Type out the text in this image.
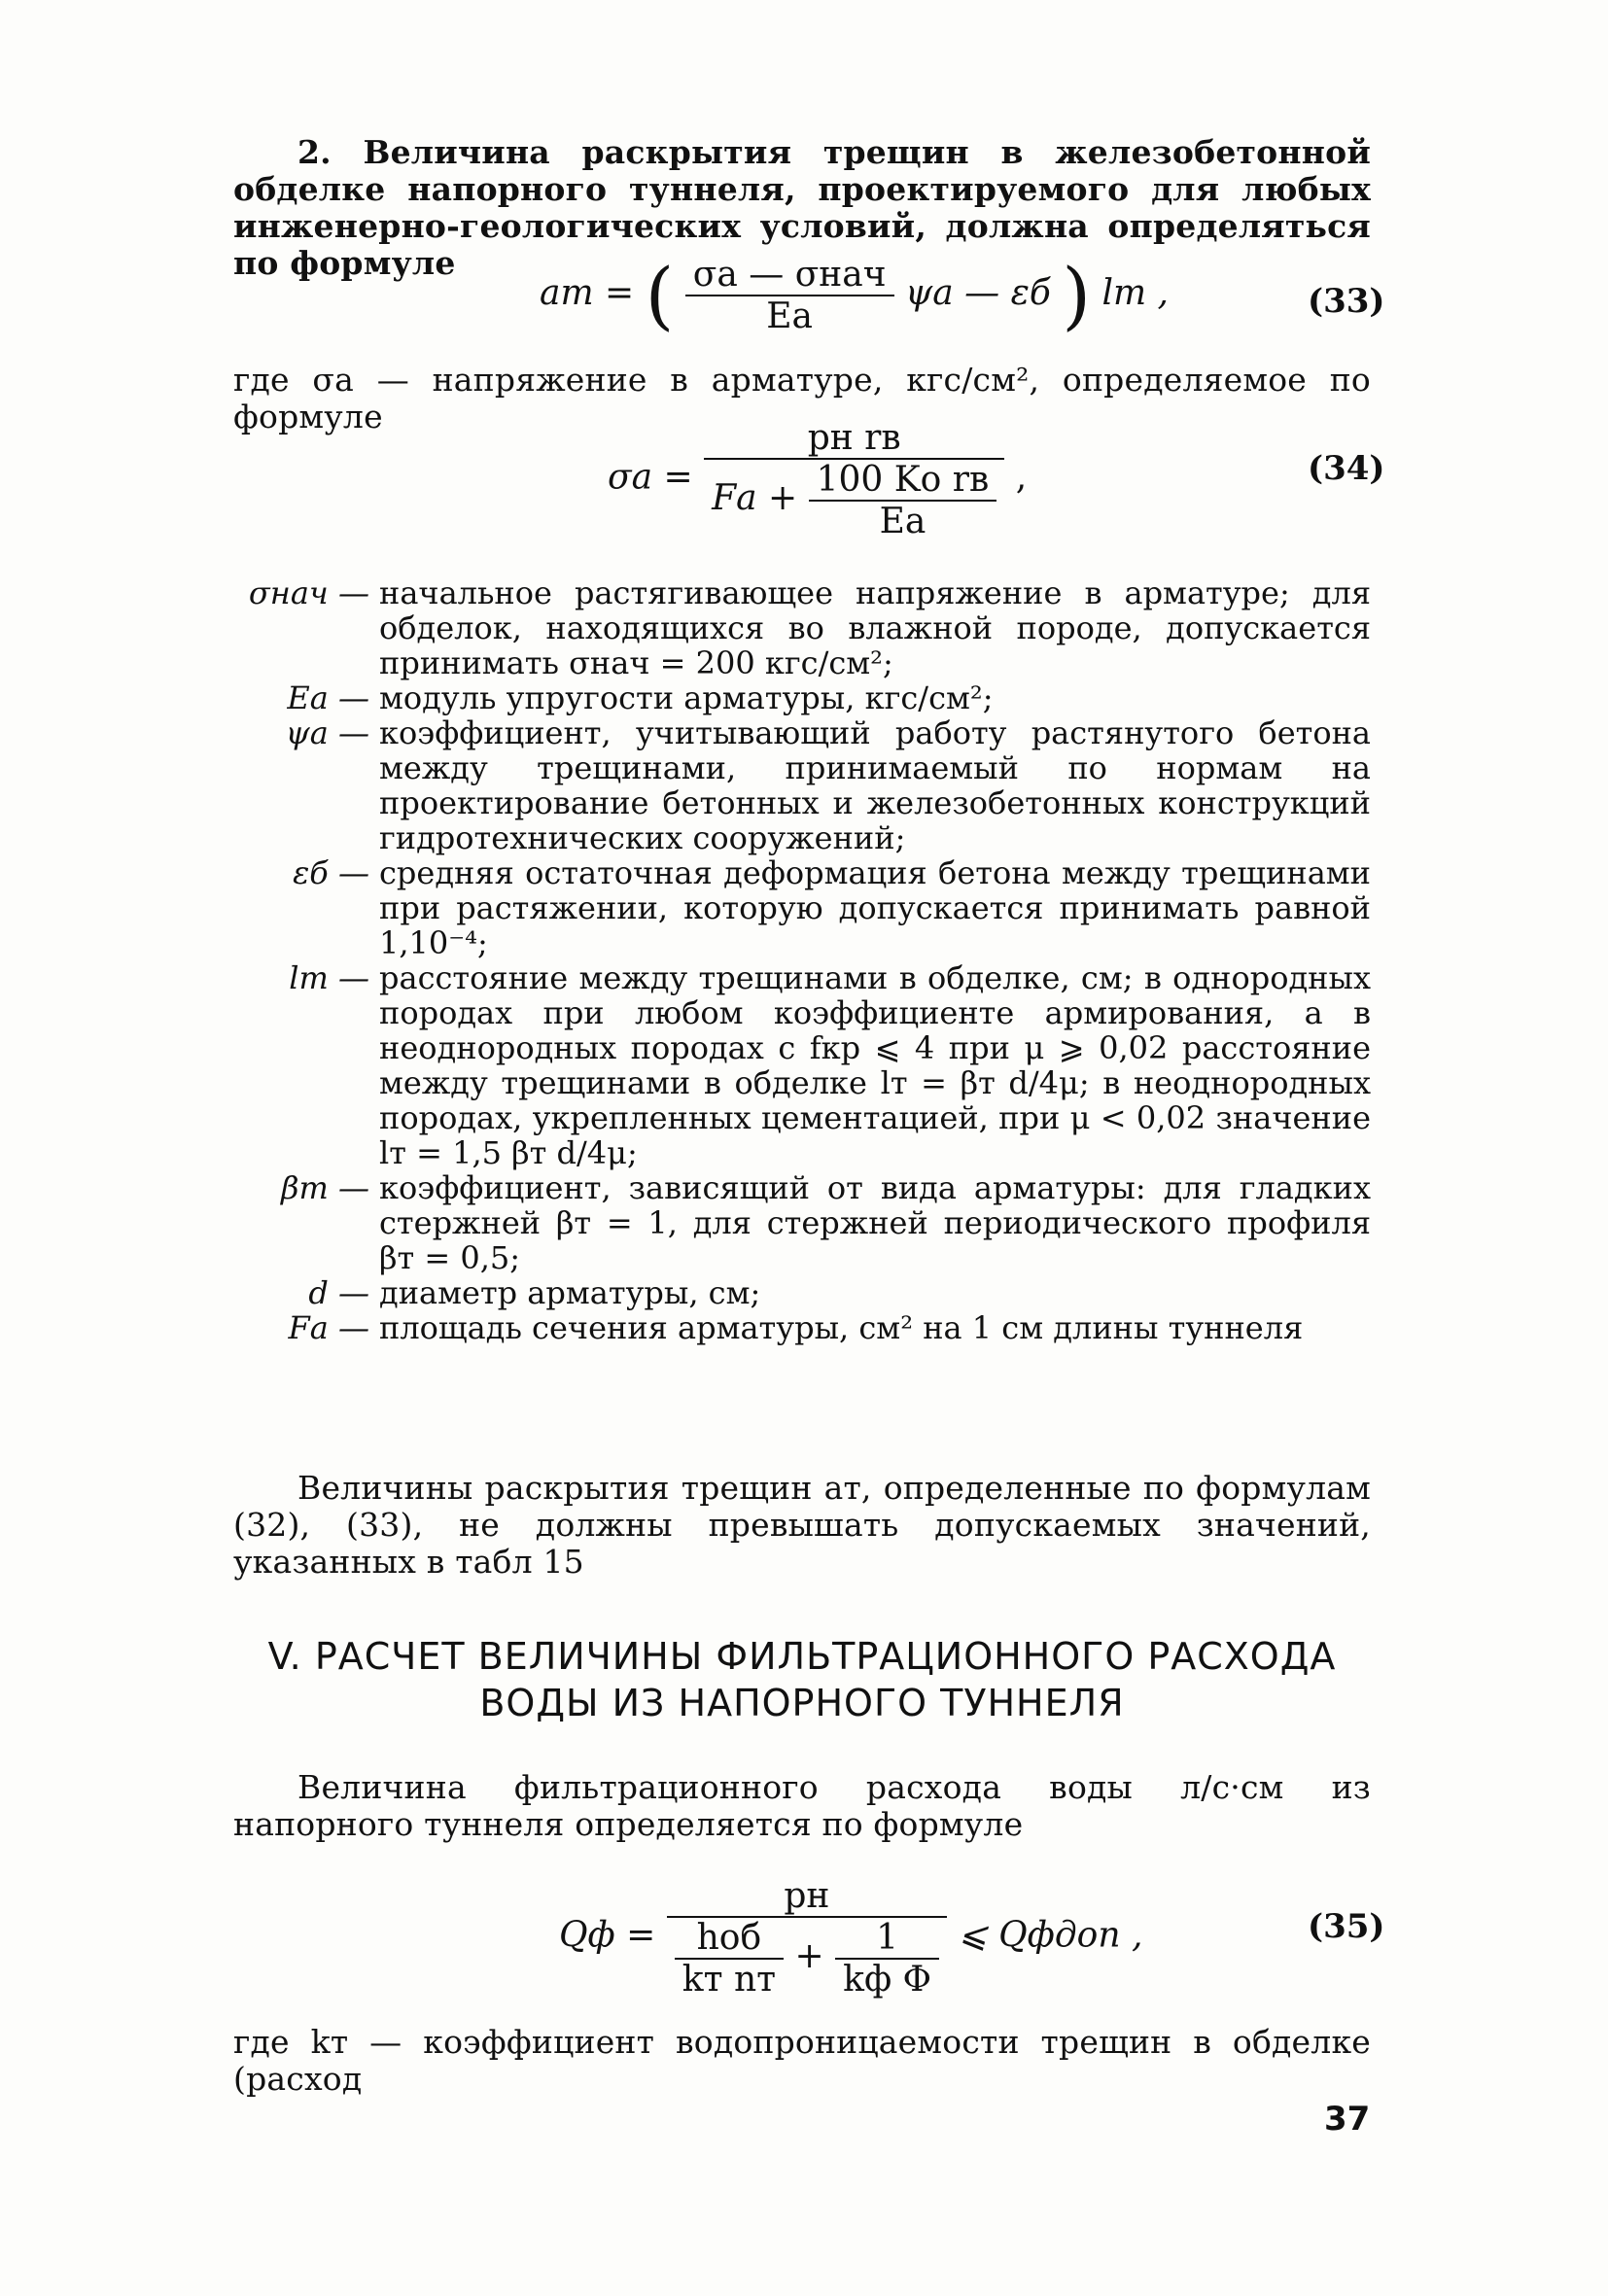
2. Величина раскрытия трещин в железобетонной обделке напорного туннеля, проектируемого для любых инженерно-геологических условий, должна определяться по формуле
aт = ( $\frac{\text{σа — σнач}}{Eа}$ ψа — εб ) lт ,	(33)
где σа — напряжение в арматуре, кгс/см², определяемое по формуле
$\sigma а = \frac{\text{pн rв}}{Fа + \frac{\text{100 Kо rв}}{Eа}}$ ,	(34)

σнач — начальное растягивающее напряжение в арматуре; для обделок, находящихся во влажной породе, допускается принимать σнач = 200 кгс/см²;

Eа — модуль упругости арматуры, кгс/см²;

ψа — коэффициент, учитывающий работу растянутого бетона между трещинами, принимаемый по нормам на проектирование бетонных и железобетонных конструкций гидротехнических сооружений;

εб — средняя остаточная деформация бетона между трещинами при растяжении, которую допускается принимать равной 1,10⁻⁴;

lт — расстояние между трещинами в обделке, см; в однородных породах при любом коэффициенте армирования, а в неоднородных породах с fкр ⩽ 4 при μ ⩾ 0,02 расстояние между трещинами в обделке lт = βт d/4μ; в неоднородных породах, укрепленных цементацией, при μ < 0,02 значение lт = 1,5 βт d/4μ;

βт — коэффициент, зависящий от вида арматуры: для гладких стержней βт = 1, для стержней периодического профиля βт = 0,5;

d — диаметр арматуры, см;

Fа — площадь сечения арматуры, см² на 1 см длины туннеля

Величины раскрытия трещин aт, определенные по формулам (32), (33), не должны превышать допускаемых значений, указанных в табл 15
V. РАСЧЕТ ВЕЛИЧИНЫ ФИЛЬТРАЦИОННОГО РАСХОДА
ВОДЫ ИЗ НАПОРНОГО ТУННЕЛЯ
Величина фильтрационного расхода воды л/с·см из напорного туннеля определяется по формуле
Qф =
pн
$\frac{\text{hоб}}{\text{kт nт}} + \frac{1}{\text{kф Φ}}$ ⩽ Qфдоп ,	(35)
где kт — коэффициент водопроницаемости трещин в обделке (расход
37
